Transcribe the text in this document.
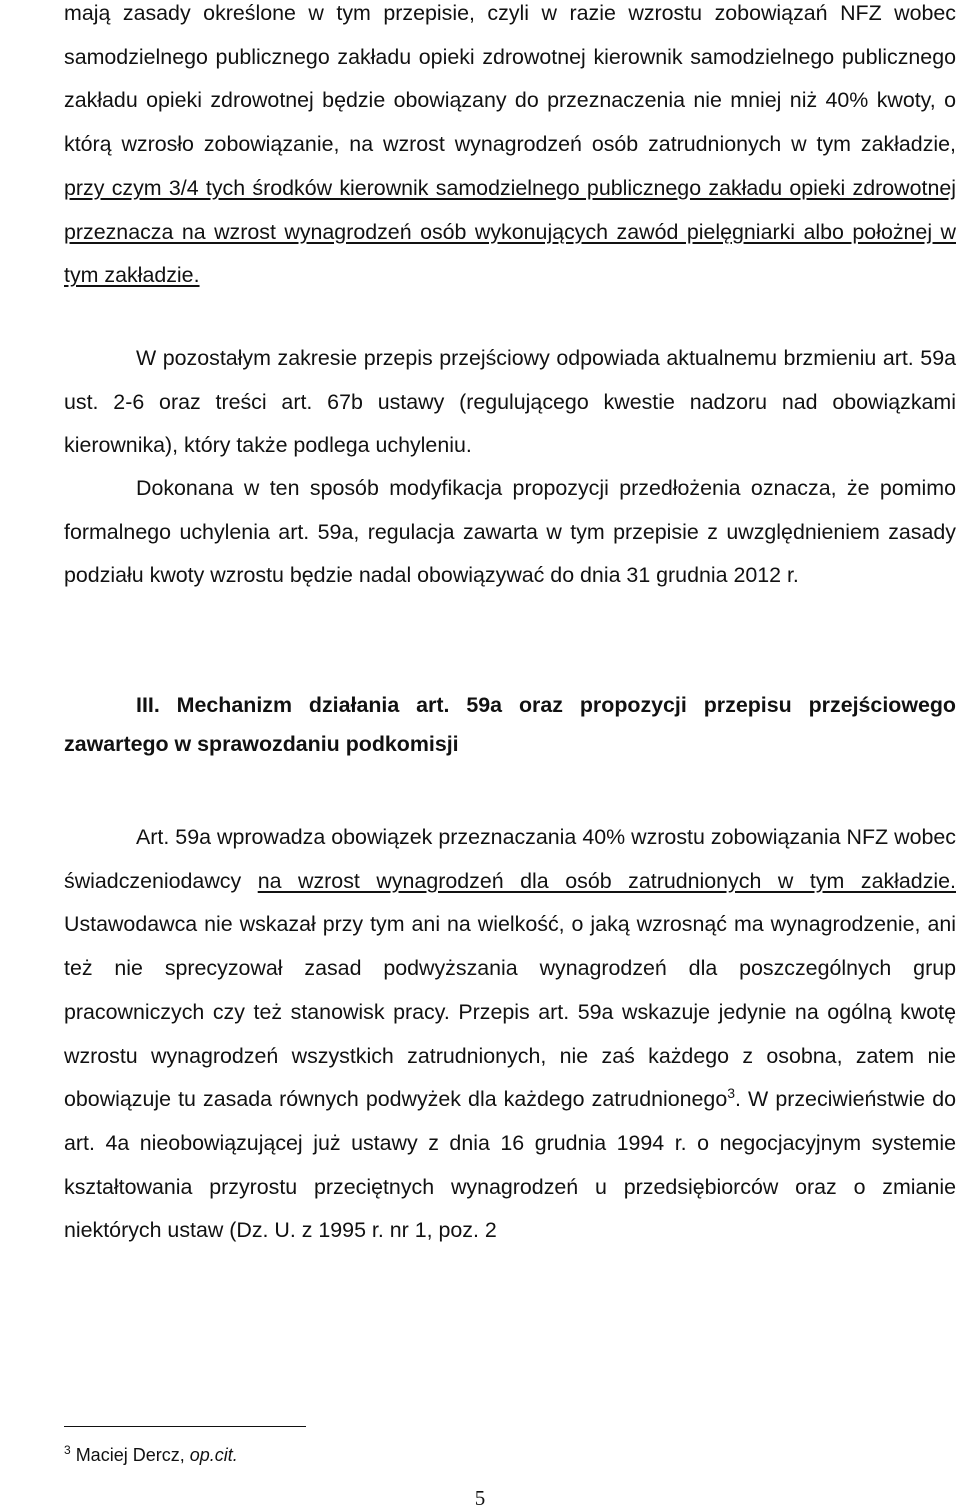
mają zasady określone w tym przepisie, czyli w razie wzrostu zobowiązań NFZ wobec samodzielnego publicznego zakładu opieki zdrowotnej kierownik samodzielnego publicznego zakładu opieki zdrowotnej będzie obowiązany do przeznaczenia nie mniej niż 40% kwoty, o którą wzrosło zobowiązanie, na wzrost wynagrodzeń osób zatrudnionych w tym zakładzie, przy czym 3/4 tych środków kierownik samodzielnego publicznego zakładu opieki zdrowotnej przeznacza na wzrost wynagrodzeń osób wykonujących zawód pielęgniarki albo położnej w tym zakładzie.

W pozostałym zakresie przepis przejściowy odpowiada aktualnemu brzmieniu art. 59a ust. 2-6 oraz treści art. 67b ustawy (regulującego kwestie nadzoru nad obowiązkami kierownika), który także podlega uchyleniu.

Dokonana w ten sposób modyfikacja propozycji przedłożenia oznacza, że pomimo formalnego uchylenia art. 59a, regulacja zawarta w tym przepisie z uwzględnieniem zasady podziału kwoty wzrostu będzie nadal obowiązywać do dnia 31 grudnia 2012 r.

III. Mechanizm działania art. 59a oraz propozycji przepisu przejściowego zawartego w sprawozdaniu podkomisji

Art. 59a wprowadza obowiązek przeznaczania 40% wzrostu zobowiązania NFZ wobec świadczeniodawcy na wzrost wynagrodzeń dla osób zatrudnionych w tym zakładzie. Ustawodawca nie wskazał przy tym ani na wielkość, o jaką wzrosnąć ma wynagrodzenie, ani też nie sprecyzował zasad podwyższania wynagrodzeń dla poszczególnych grup pracowniczych czy też stanowisk pracy. Przepis art. 59a wskazuje jedynie na ogólną kwotę wzrostu wynagrodzeń wszystkich zatrudnionych, nie zaś każdego z osobna, zatem nie obowiązuje tu zasada równych podwyżek dla każdego zatrudnionego$^3$. W przeciwieństwie do art. 4a nieobowiązującej już ustawy z dnia 16 grudnia 1994 r. o negocjacyjnym systemie kształtowania przyrostu przeciętnych wynagrodzeń u przedsiębiorców oraz o zmianie niektórych ustaw (Dz. U. z 1995 r. nr 1, poz. 2

$^3$ Maciej Dercz, op.cit.

5
